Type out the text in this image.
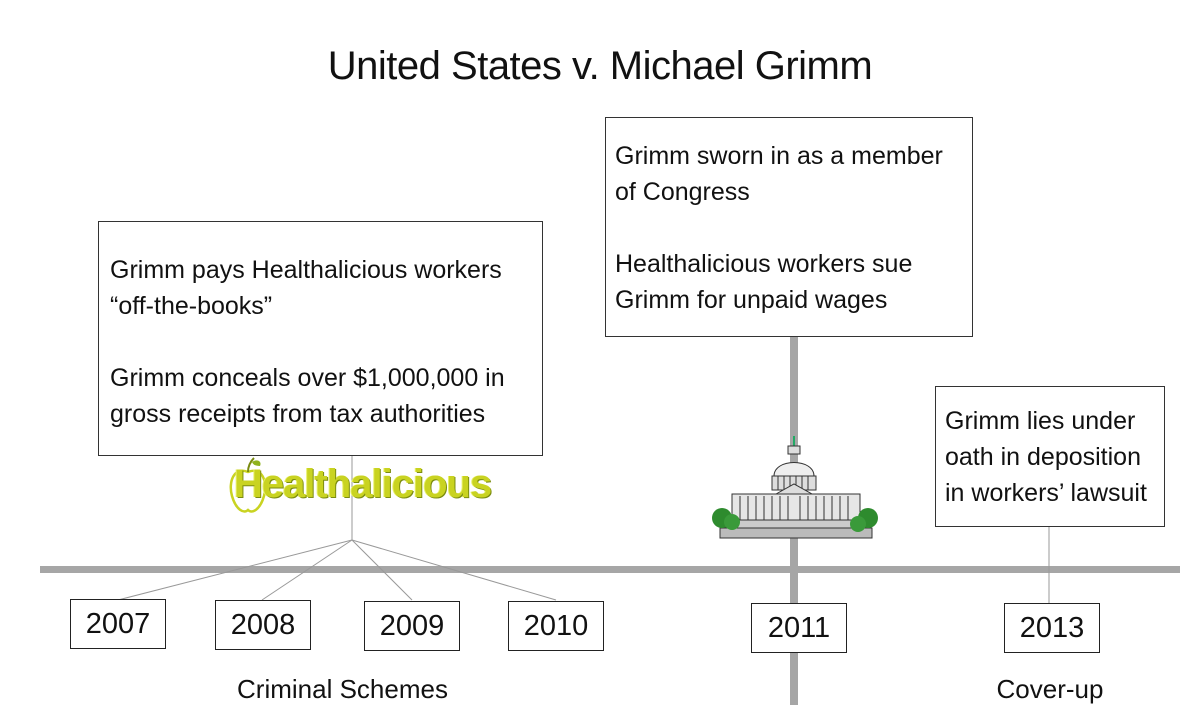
United States v. Michael Grimm

Grimm pays Healthalicious workers

“off-the-books”

Grimm conceals over $1,000,000 in

gross receipts from tax authorities

Grimm sworn in as a member

of Congress

Healthalicious workers sue

Grimm for unpaid wages

Grimm lies under

oath in deposition

in workers’ lawsuit

Healthalicious
2007	2008	2009	2010	2011	2013
Criminal Schemes	Cover-up
